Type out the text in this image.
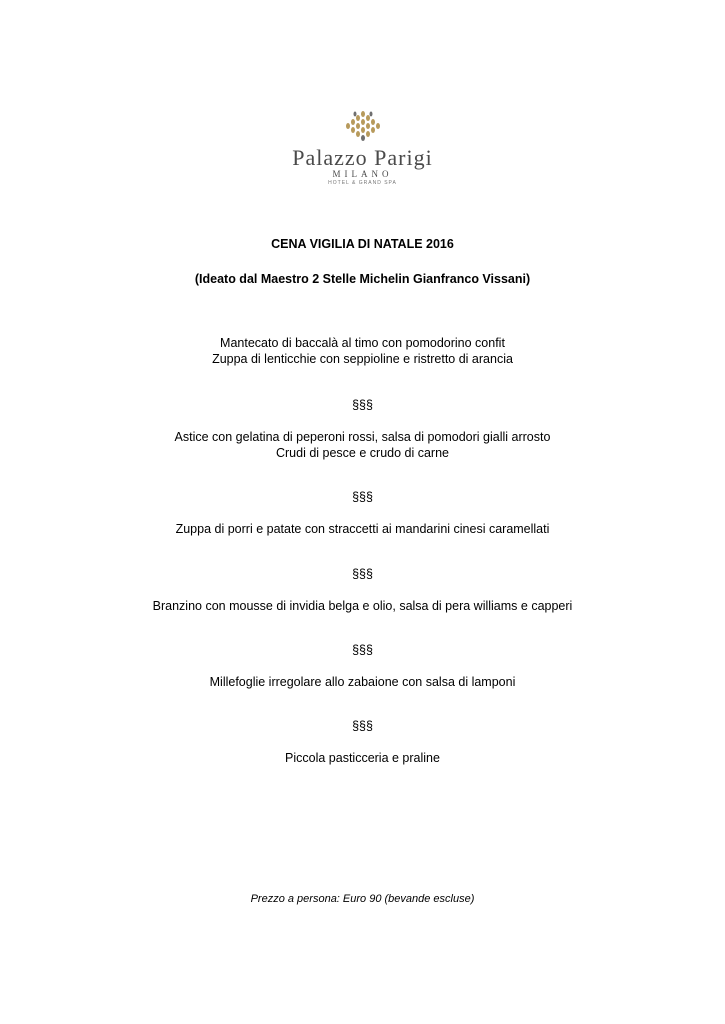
Palazzo Parigi
MILANO
HOTEL & GRAND SPA
CENA VIGILIA DI NATALE 2016
(Ideato dal Maestro 2 Stelle Michelin Gianfranco Vissani)
Mantecato di baccalà al timo con pomodorino confit
Zuppa di lenticchie con seppioline e ristretto di arancia
§§§
Astice con gelatina di peperoni rossi, salsa di pomodori gialli arrosto
Crudi di pesce e crudo di carne
§§§
Zuppa di porri e patate con straccetti ai mandarini cinesi caramellati
§§§
Branzino con mousse di invidia belga e olio, salsa di pera williams e capperi
§§§
Millefoglie irregolare allo zabaione con salsa di lamponi
§§§
Piccola pasticceria e praline
Prezzo a persona: Euro 90 (bevande escluse)
